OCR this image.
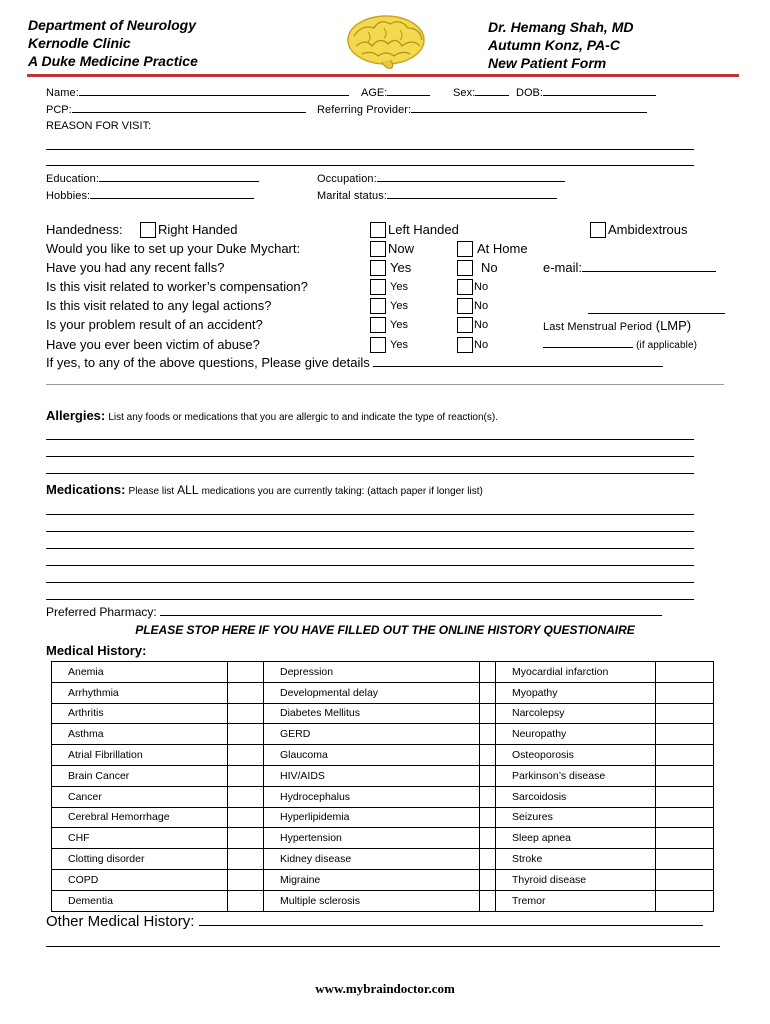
Department of Neurology
Kernodle Clinic
A Duke Medicine Practice
Dr. Hemang Shah, MD
Autumn Konz, PA-C
New Patient Form
Name:	AGE:	Sex:	DOB:
PCP:	Referring Provider:
REASON FOR VISIT:
Education:	Occupation:
Hobbies:	Marital status:
Handedness:	Right Handed	Left Handed	Ambidextrous
Would you like to set up your Duke Mychart:	Now	At Home
Have you had any recent falls?	Yes	No	e-mail:
Is this visit related to worker’s compensation?	Yes	No
Is this visit related to any legal actions?	Yes	No
Is your problem result of an accident?	Yes	No	Last Menstrual Period (LMP)
Have you ever been victim of abuse?	Yes	No	(if applicable)
If yes, to any of the above questions, Please give details
Allergies: List any foods or medications that you are allergic to and indicate the type of reaction(s).
Medications: Please list ALL medications you are currently taking: (attach paper if longer list)
Preferred Pharmacy:
PLEASE STOP HERE IF YOU HAVE FILLED OUT THE ONLINE HISTORY QUESTIONAIRE
Medical History:
Anemia		Depression		Myocardial infarction	
Arrhythmia		Developmental delay		Myopathy	
Arthritis		Diabetes Mellitus		Narcolepsy	
Asthma		GERD		Neuropathy	
Atrial Fibrillation		Glaucoma		Osteoporosis	
Brain Cancer		HIV/AIDS		Parkinson’s disease	
Cancer		Hydrocephalus		Sarcoidosis	
Cerebral Hemorrhage		Hyperlipidemia		Seizures	
CHF		Hypertension		Sleep apnea	
Clotting disorder		Kidney disease		Stroke	
COPD		Migraine		Thyroid disease	
Dementia		Multiple sclerosis		Tremor	
Other Medical History:
www.mybraindoctor.com
